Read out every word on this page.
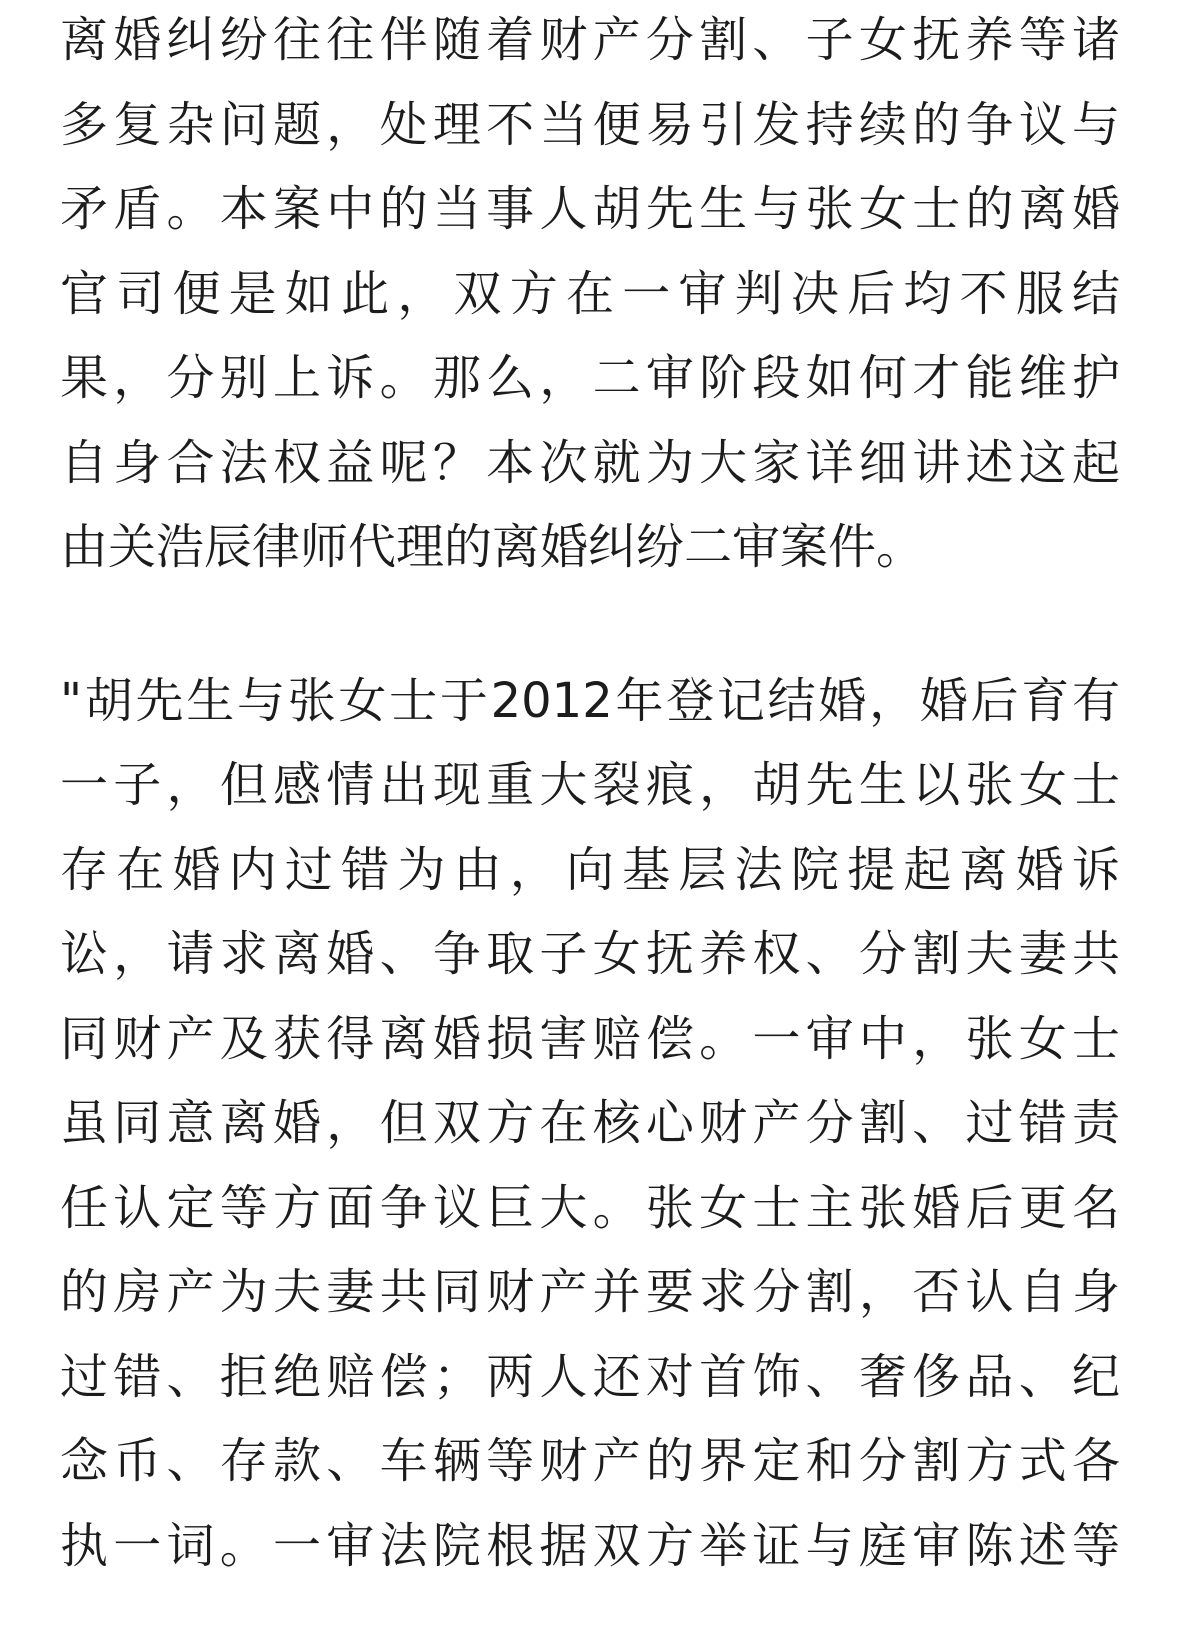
离婚纠纷往往伴随着财产分割、子女抚养等诸
多复杂问题，处理不当便易引发持续的争议与
矛盾。本案中的当事人胡先生与张女士的离婚
官司便是如此，双方在一审判决后均不服结
果，分别上诉。那么，二审阶段如何才能维护
自身合法权益呢？本次就为大家详细讲述这起
由关浩辰律师代理的离婚纠纷二审案件。

"胡先生与张女士于2012年登记结婚，婚后育有
一子，但感情出现重大裂痕，胡先生以张女士
存在婚内过错为由，向基层法院提起离婚诉
讼，请求离婚、争取子女抚养权、分割夫妻共
同财产及获得离婚损害赔偿。一审中，张女士
虽同意离婚，但双方在核心财产分割、过错责
任认定等方面争议巨大。张女士主张婚后更名
的房产为夫妻共同财产并要求分割，否认自身
过错、拒绝赔偿；两人还对首饰、奢侈品、纪
念币、存款、车辆等财产的界定和分割方式各
执一词。一审法院根据双方举证与庭审陈述等
